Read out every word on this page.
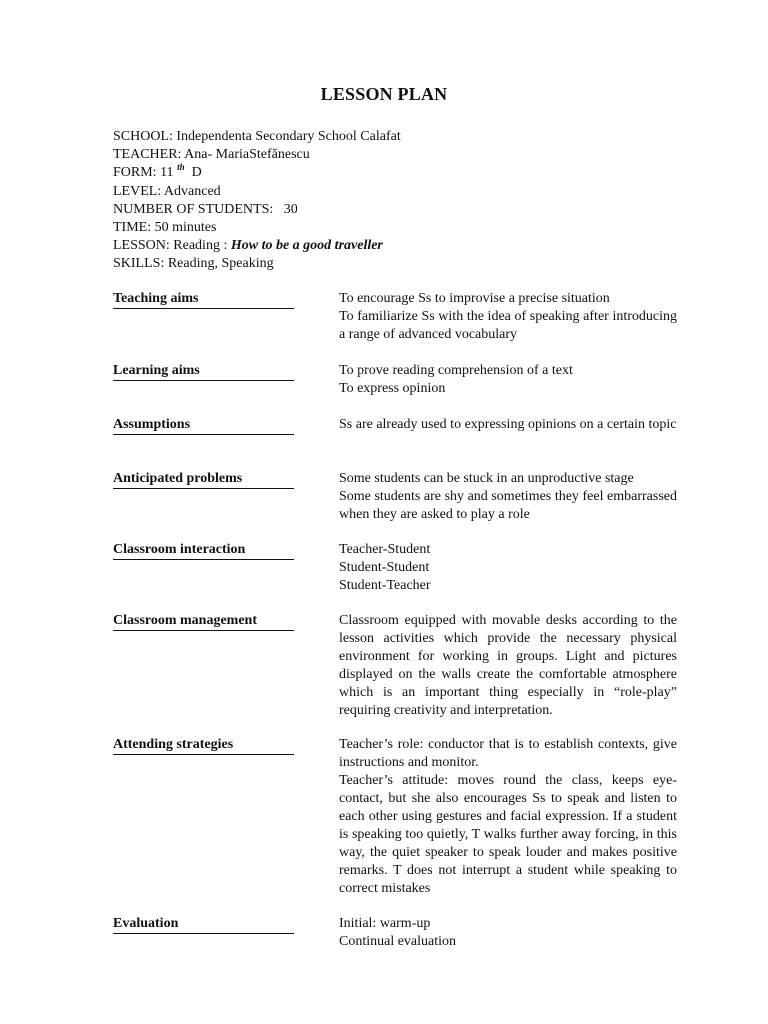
LESSON PLAN
SCHOOL: Independenta Secondary School Calafat
TEACHER: Ana- MariaStefănescu
FORM: 11 $^{th}$  D
LEVEL: Advanced
NUMBER OF STUDENTS:   30
TIME: 50 minutes
LESSON: Reading : How to be a good traveller
SKILLS: Reading, Speaking
Teaching aims	To encourage Ss to improvise a precise situation
To familiarize Ss with the idea of speaking after introducing a range of advanced vocabulary
Learning aims	To prove reading comprehension of a text
To express opinion
Assumptions	Ss are already used to expressing opinions on a certain topic
Anticipated problems	Some students can be stuck in an unproductive stage
Some students are shy and sometimes they feel embarrassed when they are asked to play a role
Classroom interaction	Teacher-Student
Student-Student
Student-Teacher
Classroom management	Classroom equipped with movable desks according to the lesson activities which provide the necessary physical environment for working in groups. Light and pictures displayed on the walls create the comfortable atmosphere which is an important thing especially in “role-play” requiring creativity and interpretation.
Attending strategies	Teacher’s role: conductor that is to establish contexts, give instructions and monitor.
Teacher’s attitude: moves round the class, keeps eye-contact, but she also encourages Ss to speak and listen to each other using gestures and facial expression. If a student is speaking too quietly, T walks further away forcing, in this way, the quiet speaker to speak louder and makes positive remarks. T does not interrupt a student while speaking to correct mistakes
Evaluation	Initial: warm-up
Continual evaluation
